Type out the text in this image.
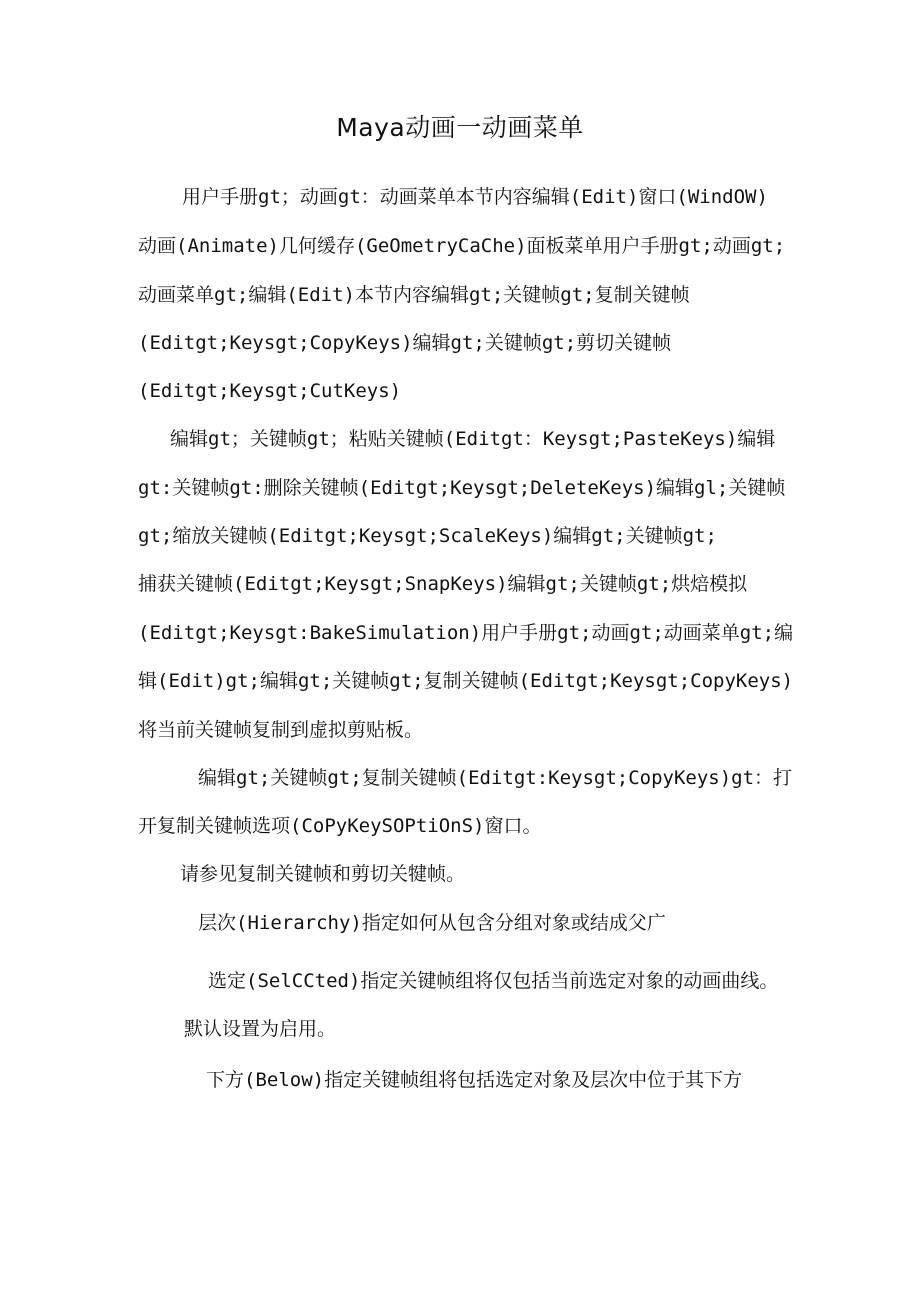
Maya动画一动画菜单
用户手册gt；动画gt：动画菜单本节内容编辑(Edit)窗口(WindOW)
动画(Animate)几何缓存(GeOmetryCaChe)面板菜单用户手册gt;动画gt;
动画菜单gt;编辑(Edit)本节内容编辑gt;关键帧gt;复制关键帧
(Editgt;Keysgt;CopyKeys)编辑gt;关键帧gt;剪切关键帧
(Editgt;Keysgt;CutKeys)
编辑gt；关键帧gt；粘贴关键帧(Editgt：Keysgt;PasteKeys)编辑
gt:关键帧gt:删除关键帧(Editgt;Keysgt;DeleteKeys)编辑gl;关键帧
gt;缩放关键帧(Editgt;Keysgt;ScaleKeys)编辑gt;关键帧gt;
捕获关键帧(Editgt;Keysgt;SnapKeys)编辑gt;关键帧gt;烘焙模拟
(Editgt;Keysgt:BakeSimulation)用户手册gt;动画gt;动画菜单gt;编
辑(Edit)gt;编辑gt;关键帧gt;复制关键帧(Editgt;Keysgt;CopyKeys)
将当前关键帧复制到虚拟剪贴板。
编辑gt;关键帧gt;复制关键帧(Editgt:Keysgt;CopyKeys)gt：打
开复制关键帧选项(CoPyKeySOPtiOnS)窗口。
请参见复制关键帧和剪切关犍帧。
层次(Hierarchy)指定如何从包含分组对象或结成父广
选定(SelCCted)指定关键帧组将仅包括当前选定对象的动画曲线。
默认设置为启用。
下方(Below)指定关键帧组将包括选定对象及层次中位于其下方
